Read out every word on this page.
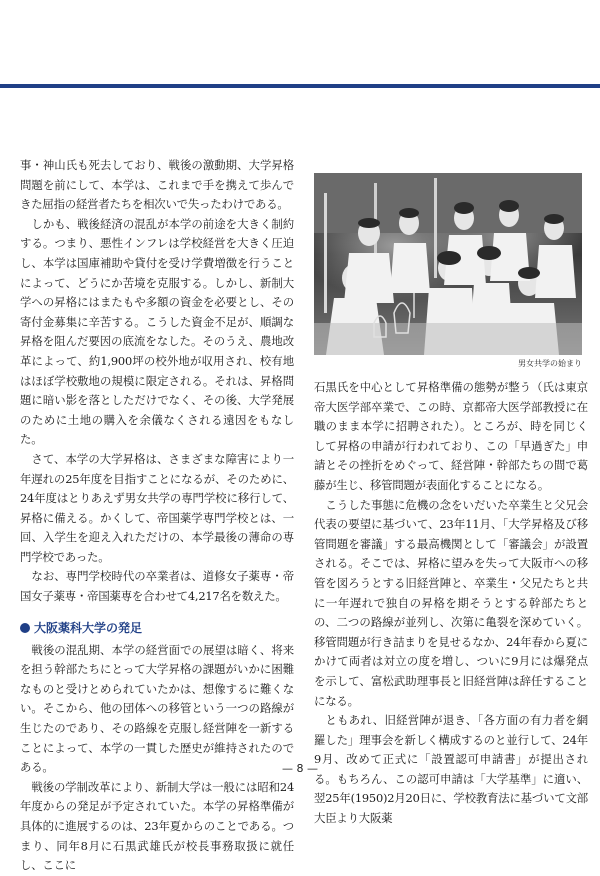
事・神山氏も死去しており、戦後の激動期、大学昇格問題を前にして、本学は、これまで手を携えて歩んできた屈指の経営者たちを相次いで失ったわけである。

しかも、戦後経済の混乱が本学の前途を大きく制約する。つまり、悪性インフレは学校経営を大きく圧迫し、本学は国庫補助や貸付を受け学費増徴を行うことによって、どうにか苦境を克服する。しかし、新制大学への昇格にはまたもや多額の資金を必要とし、その寄付金募集に辛苦する。こうした資金不足が、順調な昇格を阻んだ要因の底流をなした。そのうえ、農地改革によって、約1,900坪の校外地が収用され、校有地はほぼ学校敷地の規模に限定される。それは、昇格問題に暗い影を落としただけでなく、その後、大学発展のために土地の購入を余儀なくされる遠因をもなした。

さて、本学の大学昇格は、さまざまな障害により一年遅れの25年度を目指すことになるが、そのために、24年度はとりあえず男女共学の専門学校に移行して、昇格に備える。かくして、帝国薬学専門学校とは、一回、入学生を迎え入れただけの、本学最後の薄命の専門学校であった。

なお、専門学校時代の卒業者は、道修女子薬専・帝国女子薬専・帝国薬専を合わせて4,217名を数えた。

大阪薬科大学の発足

戦後の混乱期、本学の経営面での展望は暗く、将来を担う幹部たちにとって大学昇格の課題がいかに困難なものと受けとめられていたかは、想像するに難くない。そこから、他の団体への移管という一つの路線が生じたのであり、その路線を克服し経営陣を一新することによって、本学の一貫した歴史が維持されたのである。

戦後の学制改革により、新制大学は一般には昭和24年度からの発足が予定されていた。本学の昇格準備が具体的に進展するのは、23年夏からのことである。つまり、同年8月に石黒武雄氏が校長事務取扱に就任し、ここに

男女共学の始まり

石黒氏を中心として昇格準備の態勢が整う（氏は東京帝大医学部卒業で、この時、京都帝大医学部教授に在職のまま本学に招聘された）。ところが、時を同じくして昇格の申請が行われており、この「早過ぎた」申請とその挫折をめぐって、経営陣・幹部たちの間で葛藤が生じ、移管問題が表面化することになる。

こうした事態に危機の念をいだいた卒業生と父兄会代表の要望に基づいて、23年11月、「大学昇格及び移管問題を審議」する最高機関として「審議会」が設置される。そこでは、昇格に望みを失って大阪市への移管を図ろうとする旧経営陣と、卒業生・父兄たちと共に一年遅れで独自の昇格を期そうとする幹部たちとの、二つの路線が並列し、次第に亀裂を深めていく。移管問題が行き詰まりを見せるなか、24年春から夏にかけて両者は対立の度を増し、ついに9月には爆発点を示して、富松武助理事長と旧経営陣は辞任することになる。

ともあれ、旧経営陣が退き、「各方面の有力者を網羅した」理事会を新しく構成するのと並行して、24年9月、改めて正式に「設置認可申請書」が提出される。もちろん、この認可申請は「大学基準」に適い、翌25年(1950)2月20日に、学校教育法に基づいて文部大臣より大阪薬

— 8 —
